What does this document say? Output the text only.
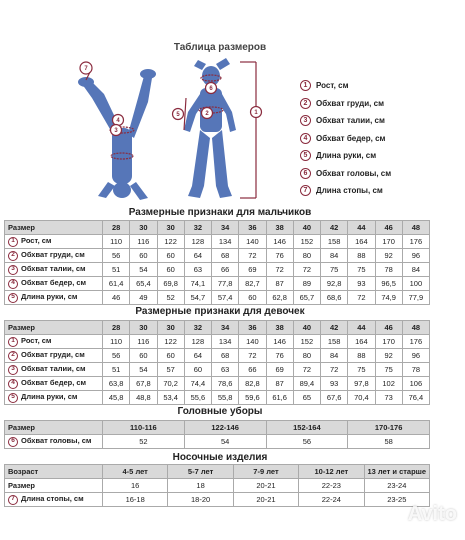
Таблица размеров
7
4
3
6
2
5	1
1	Рост, см
2	Обхват груди, см
3	Обхват талии, см
4	Обхват бедер, см
5	Длина руки, см
6	Обхват головы, см
7	Длина стопы, см
Размерные признаки для мальчиков
Размер	28	30	30	32	34	36	38	40	42	44	46	48
1 Рост, см	110	116	122	128	134	140	146	152	158	164	170	176
2 Обхват груди, см	56	60	60	64	68	72	76	80	84	88	92	96
3 Обхват талии, см	51	54	60	63	66	69	72	72	75	75	78	84
4 Обхват бедер, см	61,4	65,4	69,8	74,1	77,8	82,7	87	89	92,8	93	96,5	100
5 Длина руки, см	46	49	52	54,7	57,4	60	62,8	65,7	68,6	72	74,9	77,9
Размерные признаки для девочек
Размер	28	30	30	32	34	36	38	40	42	44	46	48
1 Рост, см	110	116	122	128	134	140	146	152	158	164	170	176
2 Обхват груди, см	56	60	60	64	68	72	76	80	84	88	92	96
3 Обхват талии, см	51	54	57	60	63	66	69	72	72	75	75	78
4 Обхват бедер, см	63,8	67,8	70,2	74,4	78,6	82,8	87	89,4	93	97,8	102	106
5 Длина руки, см	45,8	48,8	53,4	55,6	55,8	59,6	61,6	65	67,6	70,4	73	76,4
Головные уборы
Размер	110-116	122-146	152-164	170-176
6 Обхват головы, см	52	54	56	58
Носочные изделия
Возраст	4-5 лет	5-7 лет	7-9 лет	10-12 лет	13 лет и старше
Размер	16	18	20-21	22-23	23-24
7 Длина стопы, см	16-18	18-20	20-21	22-24	23-25
Avito
